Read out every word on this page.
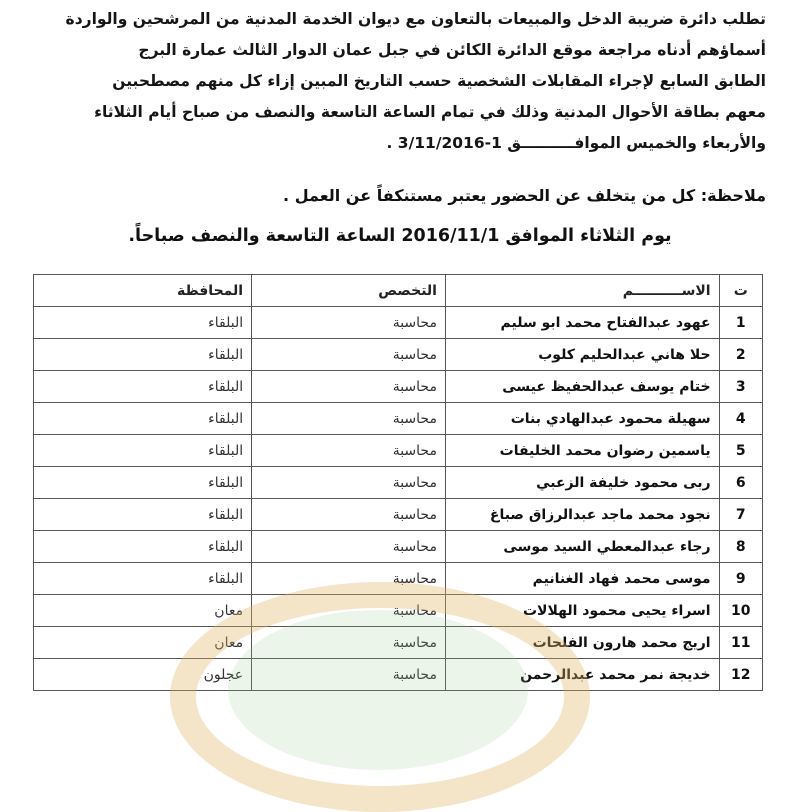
تطلب دائرة ضريبة الدخل والمبيعات بالتعاون مع ديوان الخدمة المدنية من المرشحين والواردة
أسماؤهم أدناه مراجعة موقع الدائرة الكائن في جبل عمان الدوار الثالث عمارة البرج
الطابق السابع لإجراء المقابلات الشخصية حسب التاريخ المبين إزاء كل منهم مصطحبين
معهم بطاقة الأحوال المدنية وذلك في تمام الساعة التاسعة والنصف من صباح أيام الثلاثاء
والأربعاء والخميس الموافــــــــــق 1-3/11/2016 .
ملاحظة: كل من يتخلف عن الحضور يعتبر مستنكفاً عن العمل .
يوم الثلاثاء الموافق 2016/11/1 الساعة التاسعة والنصف صباحاً.
ت	الاســــــــــم	التخصص	المحافظة
1	عهود عبدالفتاح محمد ابو سليم	محاسبة	البلقاء
2	حلا هاني عبدالحليم كلوب	محاسبة	البلقاء
3	ختام يوسف عبدالحفيظ عيسى	محاسبة	البلقاء
4	سهيلة محمود عبدالهادي بنات	محاسبة	البلقاء
5	ياسمين رضوان محمد الخليفات	محاسبة	البلقاء
6	ربى محمود خليفة الزعبي	محاسبة	البلقاء
7	نجود محمد ماجد عبدالرزاق صباغ	محاسبة	البلقاء
8	رجاء عبدالمعطي السيد موسى	محاسبة	البلقاء
9	موسى محمد فهاد الغنانيم	محاسبة	البلقاء
10	اسراء يحيى محمود الهلالات	محاسبة	معان
11	اريج محمد هارون الفلحات	محاسبة	معان
12	خديجة نمر محمد عبدالرحمن	محاسبة	عجلون
